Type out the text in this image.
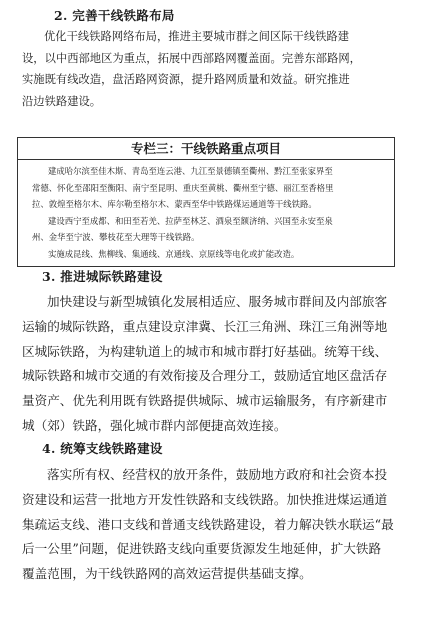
2. 完善干线铁路布局
优化干线铁路网络布局，推进主要城市群之间区际干线铁路建
设，以中西部地区为重点，拓展中西部路网覆盖面。完善东部路网，
实施既有线改造，盘活路网资源，提升路网质量和效益。研究推进
沿边铁路建设。
专栏三：干线铁路重点项目
建成哈尔滨至佳木斯、青岛至连云港、九江至景德镇至衢州、黔江至张家界至
常德、怀化至邵阳至衡阳、南宁至昆明、重庆至黄桃、衢州至宁德、丽江至香格里
拉、敦煌至格尔木、库尔勒至格尔木、蒙西至华中铁路煤运通道等干线铁路。
建设西宁至成都、和田至若羌、拉萨至林芝、酒泉至额济纳、兴国至永安至泉
州、金华至宁波、攀枝花至大理等干线铁路。
实施成昆线、焦柳线、集通线、京通线、京原线等电化或扩能改造。
3. 推进城际铁路建设
加快建设与新型城镇化发展相适应、服务城市群间及内部旅客
运输的城际铁路，重点建设京津冀、长江三角洲、珠江三角洲等地
区城际铁路，为构建轨道上的城市和城市群打好基础。统筹干线、
城际铁路和城市交通的有效衔接及合理分工，鼓励适宜地区盘活存
量资产、优先利用既有铁路提供城际、城市运输服务，有序新建市
城（郊）铁路，强化城市群内部便捷高效连接。
4. 统筹支线铁路建设
落实所有权、经营权的放开条件，鼓励地方政府和社会资本投
资建设和运营一批地方开发性铁路和支线铁路。加快推进煤运通道
集疏运支线、港口支线和普通支线铁路建设，着力解决铁水联运“最
后一公里”问题，促进铁路支线向重要货源发生地延伸，扩大铁路
覆盖范围，为干线铁路网的高效运营提供基础支撑。
